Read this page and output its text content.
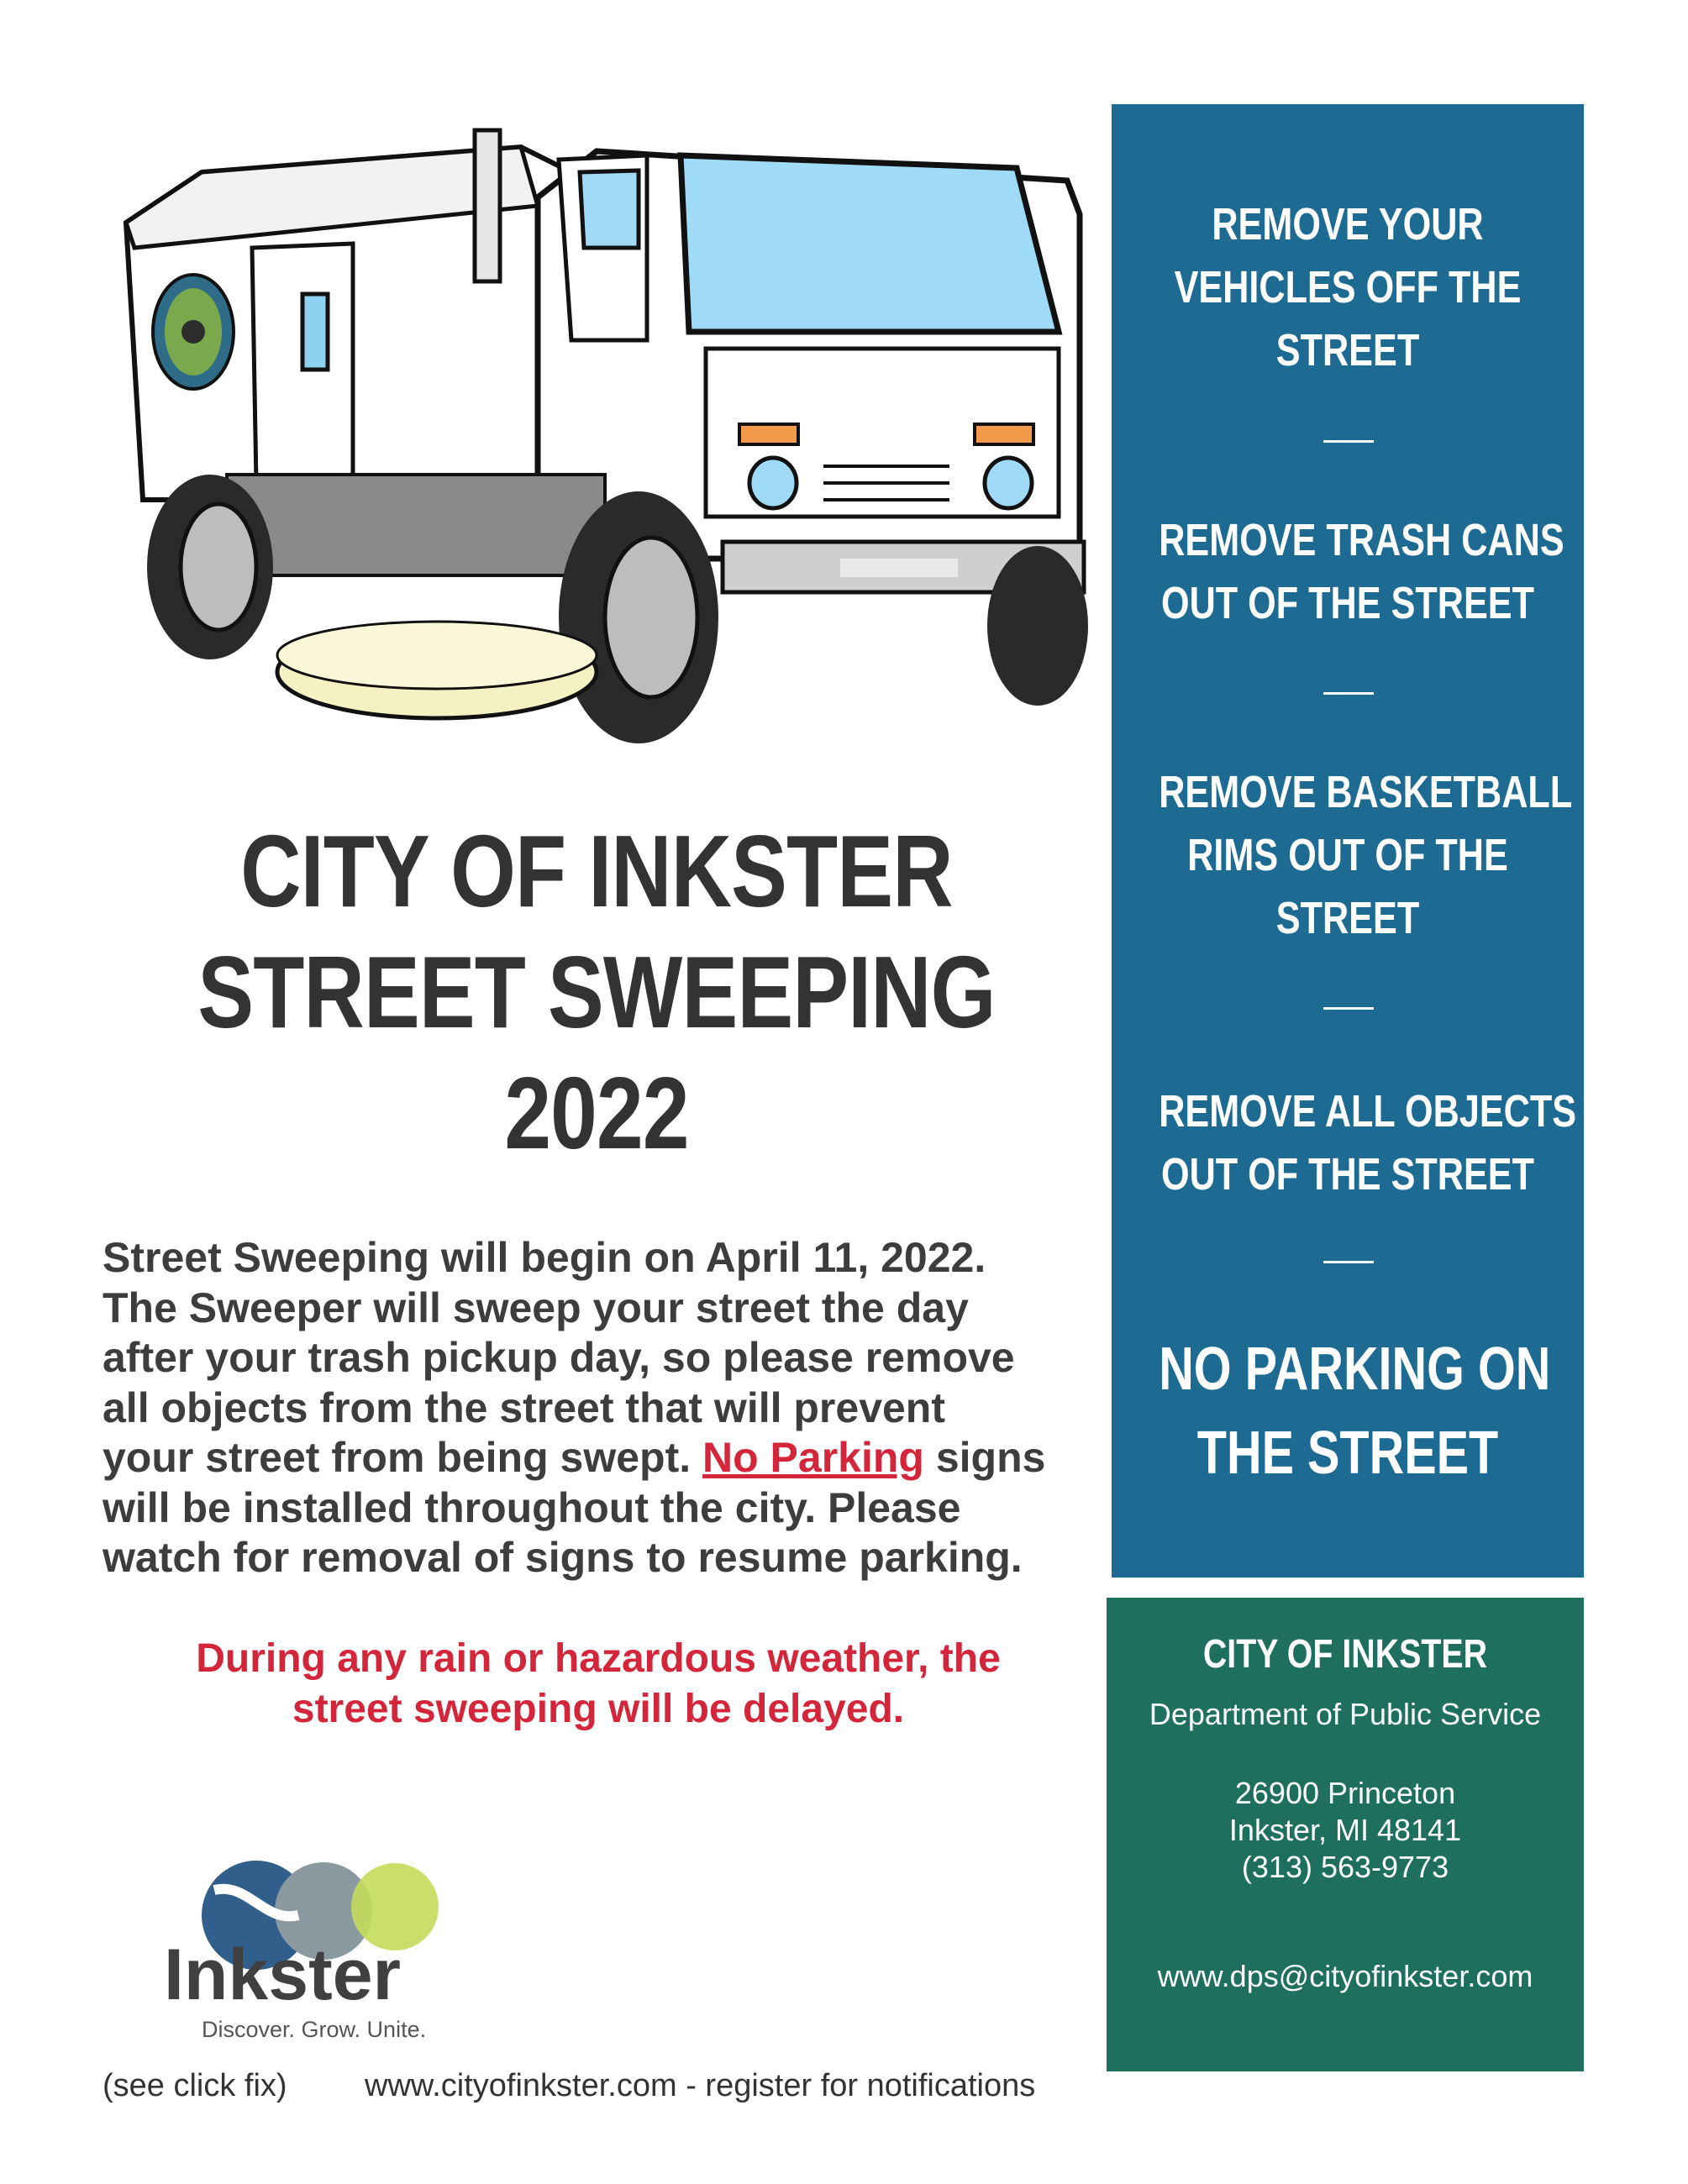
CITY OF INKSTER
STREET SWEEPING
2022
Street Sweeping will begin on April 11, 2022.
The Sweeper will sweep your street the day
after your trash pickup day, so please remove
all objects from the street that will prevent
your street from being swept. No Parking signs
will be installed throughout the city. Please
watch for removal of signs to resume parking.
During any rain or hazardous weather, the
street sweeping will be delayed.
Inkster
Discover. Grow. Unite.
(see click fix) www.cityofinkster.com - register for notifications
REMOVE YOUR
VEHICLES OFF THE
STREET
REMOVE TRASH CANS
OUT OF THE STREET
REMOVE BASKETBALL
RIMS OUT OF THE
STREET
REMOVE ALL OBJECTS
OUT OF THE STREET
NO PARKING ON
THE STREET
CITY OF INKSTER
Department of Public Service
26900 Princeton
Inkster, MI 48141
(313) 563-9773
www.dps@cityofinkster.com
